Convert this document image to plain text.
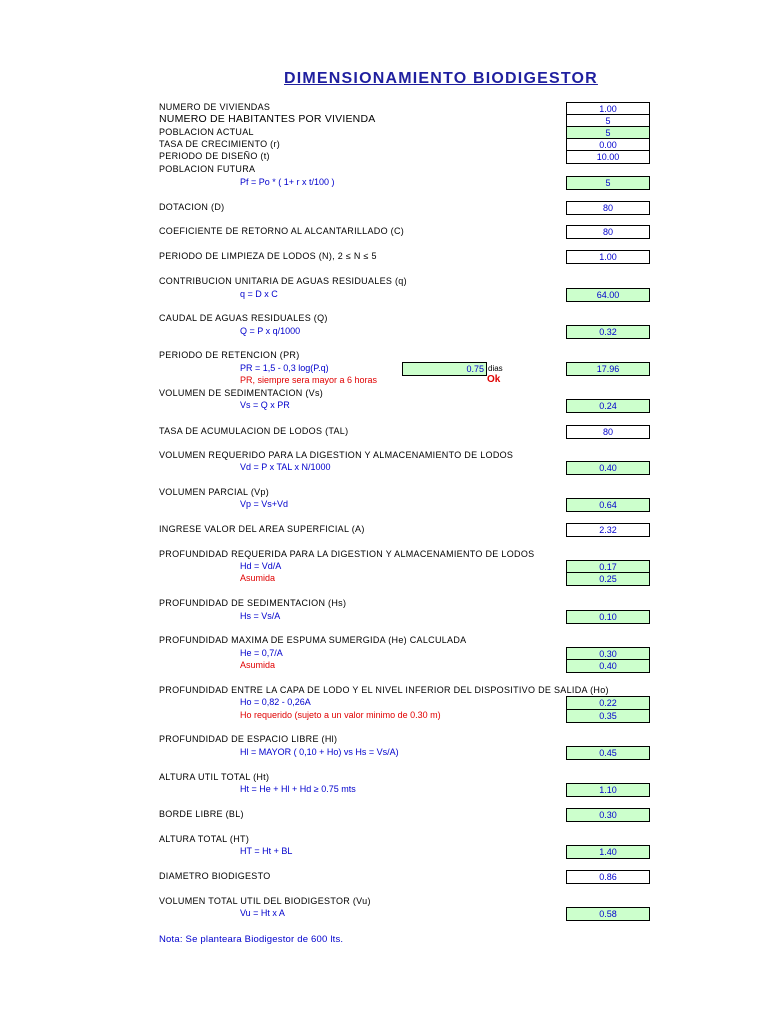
DIMENSIONAMIENTO BIODIGESTOR
NUMERO DE VIVIENDAS	1.00
NUMERO DE HABITANTES POR VIVIENDA	5
POBLACION ACTUAL	5
TASA DE CRECIMIENTO (r)	0.00
PERIODO DE DISEÑO (t)	10.00
POBLACION FUTURA
Pf = Po * ( 1+ r x t/100 )	5
DOTACION (D)	80
COEFICIENTE DE RETORNO AL ALCANTARILLADO (C)	80
PERIODO DE LIMPIEZA DE LODOS (N), 2 ≤ N ≤ 5	1.00
CONTRIBUCION UNITARIA DE AGUAS RESIDUALES (q)
q = D x C	64.00
CAUDAL DE AGUAS RESIDUALES (Q)
Q = P x q/1000	0.32
PERIODO DE RETENCION (PR)
PR = 1,5 - 0,3 log(P.q)	0.75 dias	17.96
PR, siempre sera mayor a 6 horas	Ok
VOLUMEN DE SEDIMENTACION (Vs)
Vs = Q x PR	0.24
TASA DE ACUMULACION DE LODOS (TAL)	80
VOLUMEN REQUERIDO PARA LA DIGESTION Y ALMACENAMIENTO DE LODOS
Vd = P x TAL x N/1000	0.40
VOLUMEN PARCIAL (Vp)
Vp = Vs+Vd	0.64
INGRESE VALOR DEL AREA SUPERFICIAL (A)	2.32
PROFUNDIDAD REQUERIDA PARA LA DIGESTION Y ALMACENAMIENTO DE LODOS
Hd = Vd/A	0.17
Asumida	0.25
PROFUNDIDAD DE SEDIMENTACION (Hs)
Hs = Vs/A	0.10
PROFUNDIDAD MAXIMA DE ESPUMA SUMERGIDA (He) CALCULADA
He = 0,7/A	0.30
Asumida	0.40
PROFUNDIDAD ENTRE LA CAPA DE LODO Y EL NIVEL INFERIOR DEL DISPOSITIVO DE SALIDA (Ho)
Ho = 0,82 - 0,26A	0.22
Ho requerido (sujeto a un valor minimo de 0.30 m)	0.35
PROFUNDIDAD DE ESPACIO LIBRE (Hl)
Hl = MAYOR ( 0,10 + Ho) vs Hs = Vs/A)	0.45
ALTURA UTIL TOTAL (Ht)
Ht = He + Hl + Hd ≥ 0.75 mts	1.10
BORDE LIBRE (BL)	0.30
ALTURA TOTAL (HT)
HT = Ht + BL	1.40
DIAMETRO BIODIGESTO	0.86
VOLUMEN TOTAL UTIL DEL BIODIGESTOR (Vu)
Vu = Ht x A	0.58
Nota: Se planteara Biodigestor de 600 lts.
